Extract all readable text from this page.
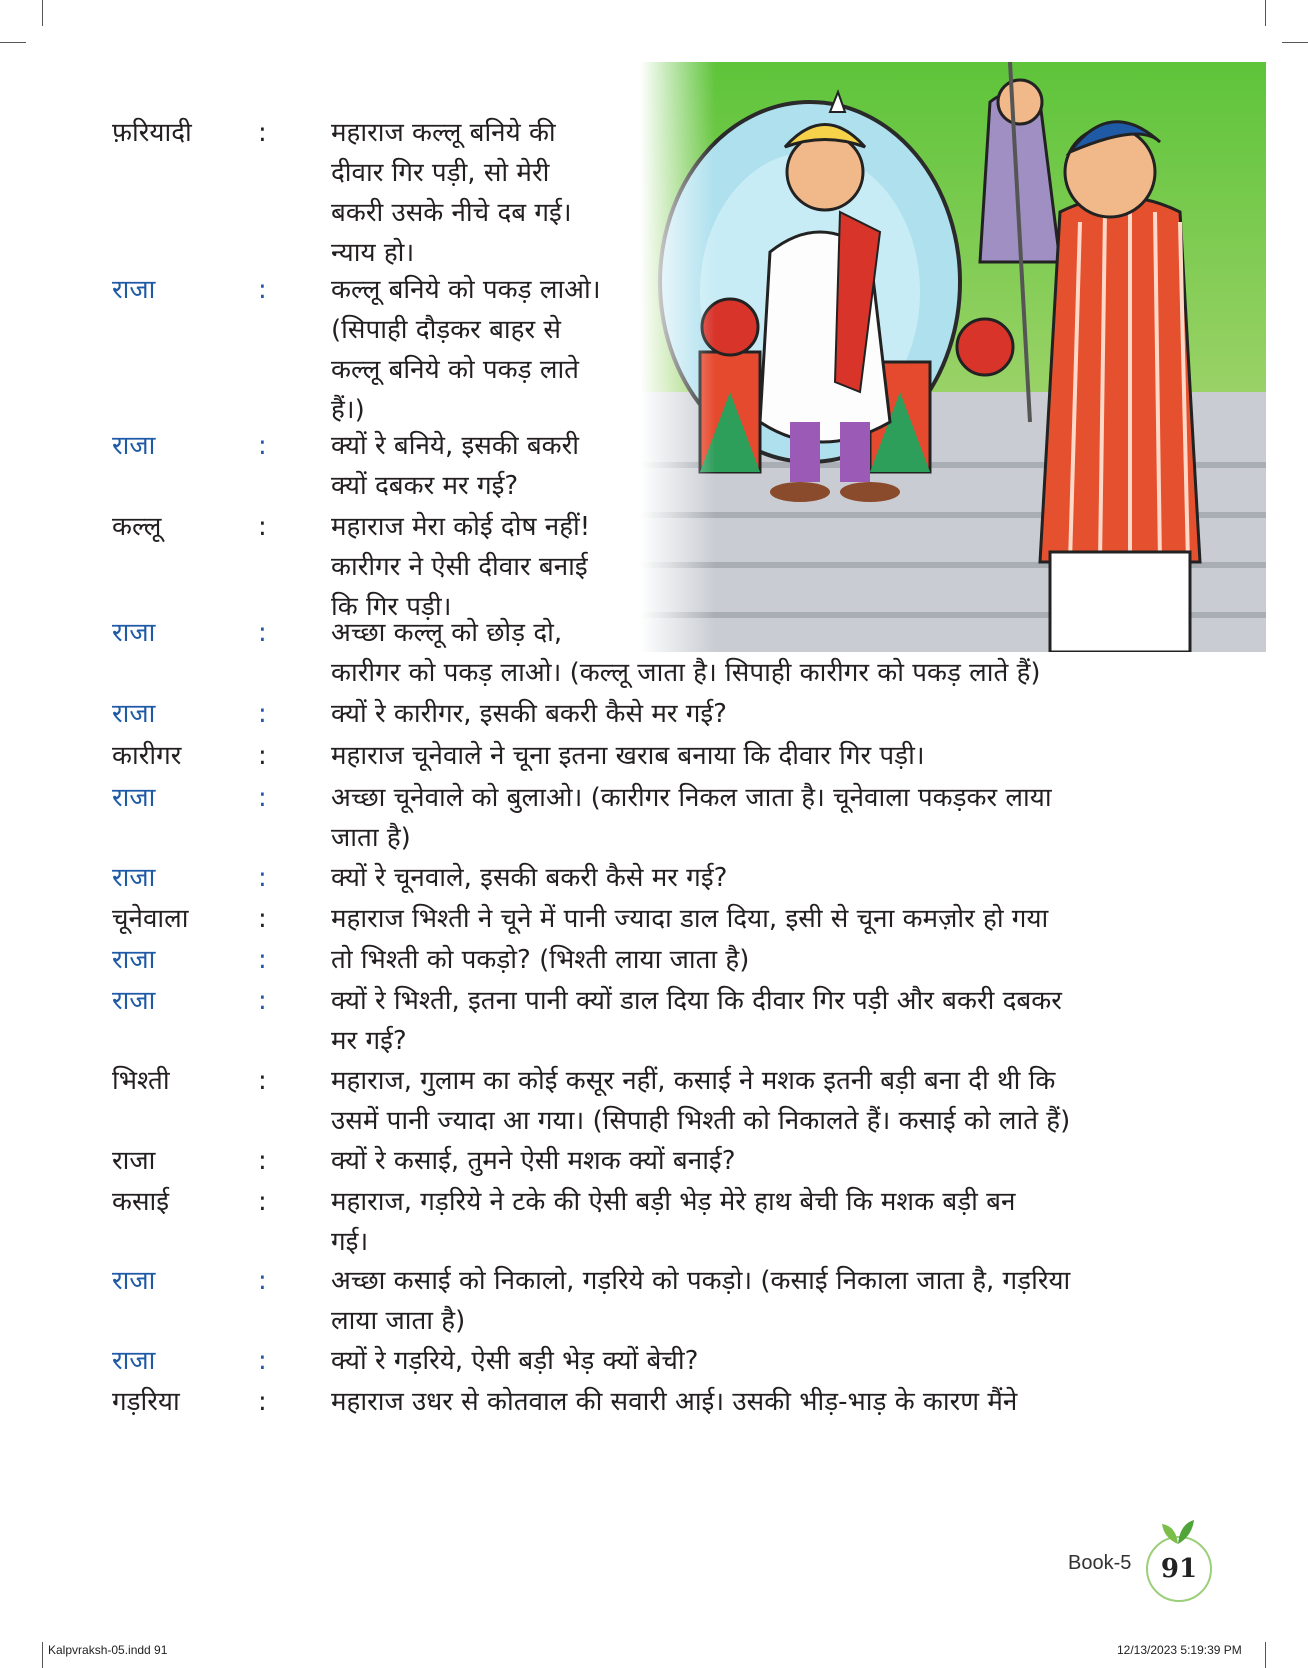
फ़रियादी	: महाराज कल्लू बनिये की
दीवार गिर पड़ी, सो मेरी
बकरी उसके नीचे दब गई।
न्याय हो।
राजा	: कल्लू बनिये को पकड़ लाओ।
(सिपाही दौड़कर बाहर से
कल्लू बनिये को पकड़ लाते
हैं।)
राजा	: क्यों रे बनिये, इसकी बकरी
क्यों दबकर मर गई?
कल्लू	: महाराज मेरा कोई दोष नहीं!
कारीगर ने ऐसी दीवार बनाई
कि गिर पड़ी।
राजा	: अच्छा कल्लू को छोड़ दो,
कारीगर को पकड़ लाओ। (कल्लू जाता है। सिपाही कारीगर को पकड़ लाते हैं)
राजा	: क्यों रे कारीगर, इसकी बकरी कैसे मर गई?
कारीगर	: महाराज चूनेवाले ने चूना इतना खराब बनाया कि दीवार गिर पड़ी।
राजा	: अच्छा चूनेवाले को बुलाओ। (कारीगर निकल जाता है। चूनेवाला पकड़कर लाया
जाता है)
राजा	: क्यों रे चूनवाले, इसकी बकरी कैसे मर गई?
चूनेवाला	: महाराज भिश्ती ने चूने में पानी ज्यादा डाल दिया, इसी से चूना कमज़ोर हो गया
राजा	: तो भिश्ती को पकड़ो? (भिश्ती लाया जाता है)
राजा	: क्यों रे भिश्ती, इतना पानी क्यों डाल दिया कि दीवार गिर पड़ी और बकरी दबकर
मर गई?
भिश्ती	: महाराज, गुलाम का कोई कसूर नहीं, कसाई ने मशक इतनी बड़ी बना दी थी कि
उसमें पानी ज्यादा आ गया। (सिपाही भिश्ती को निकालते हैं। कसाई को लाते हैं)
राजा	: क्यों रे कसाई, तुमने ऐसी मशक क्यों बनाई?
कसाई	: महाराज, गड़रिये ने टके की ऐसी बड़ी भेड़ मेरे हाथ बेची कि मशक बड़ी बन
गई।
राजा	: अच्छा कसाई को निकालो, गड़रिये को पकड़ो। (कसाई निकाला जाता है, गड़रिया
लाया जाता है)
राजा	: क्यों रे गड़रिये, ऐसी बड़ी भेड़ क्यों बेची?
गड़रिया	: महाराज उधर से कोतवाल की सवारी आई। उसकी भीड़-भाड़ के कारण मैंने
Book-5 91
Kalpvraksh-05.indd 91	12/13/2023 5:19:39 PM
